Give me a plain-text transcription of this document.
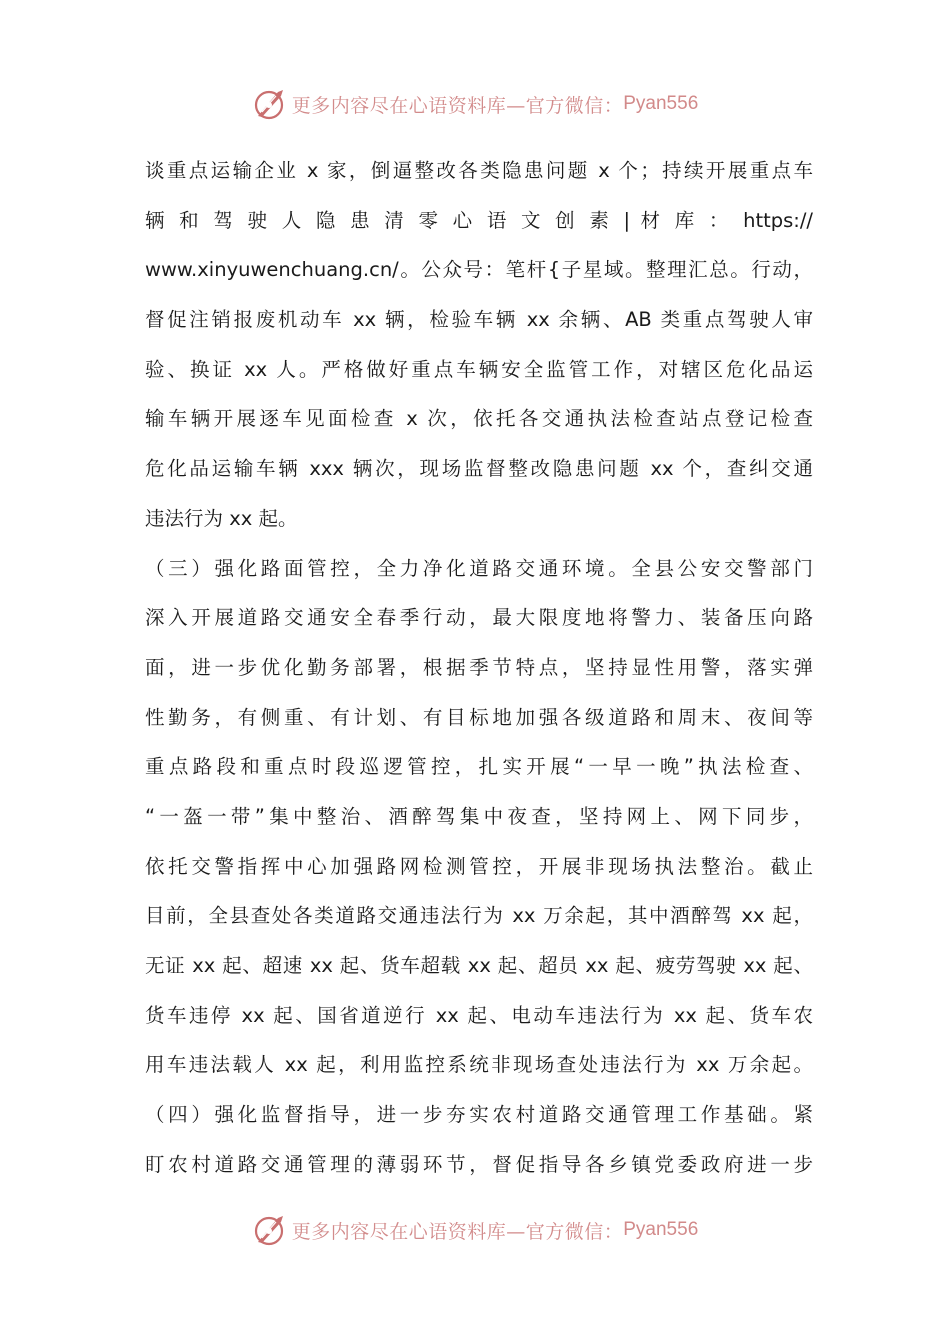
更多内容尽在心语资料库—官方微信： Pyan556
谈重点运输企业 x 家，倒逼整改各类隐患问题 x 个；持续开展重点车
辆 和 驾 驶 人 隐 患 清 零 心 语 文 创 素 | 材 库 ： https://
www.xinyuwenchuang.cn/。公众号：笔杆{子星域。整理汇总。行动，
督促注销报废机动车 xx 辆，检验车辆 xx 余辆、AB 类重点驾驶人审
验、换证 xx 人。严格做好重点车辆安全监管工作，对辖区危化品运
输车辆开展逐车见面检查 x 次，依托各交通执法检查站点登记检查
危化品运输车辆 xxx 辆次，现场监督整改隐患问题 xx 个，查纠交通
违法行为 xx 起。
（三）强化路面管控，全力净化道路交通环境。全县公安交警部门
深入开展道路交通安全春季行动，最大限度地将警力、装备压向路
面，进一步优化勤务部署，根据季节特点，坚持显性用警，落实弹
性勤务，有侧重、有计划、有目标地加强各级道路和周末、夜间等
重点路段和重点时段巡逻管控，扎实开展“一早一晚”执法检查、
“一盔一带”集中整治、酒醉驾集中夜查，坚持网上、网下同步，
依托交警指挥中心加强路网检测管控，开展非现场执法整治。截止
目前，全县查处各类道路交通违法行为 xx 万余起，其中酒醉驾 xx 起，
无证 xx 起、超速 xx 起、货车超载 xx 起、超员 xx 起、疲劳驾驶 xx 起、
货车违停 xx 起、国省道逆行 xx 起、电动车违法行为 xx 起、货车农
用车违法载人 xx 起，利用监控系统非现场查处违法行为 xx 万余起。
（四）强化监督指导，进一步夯实农村道路交通管理工作基础。紧
盯农村道路交通管理的薄弱环节，督促指导各乡镇党委政府进一步
更多内容尽在心语资料库—官方微信： Pyan556
